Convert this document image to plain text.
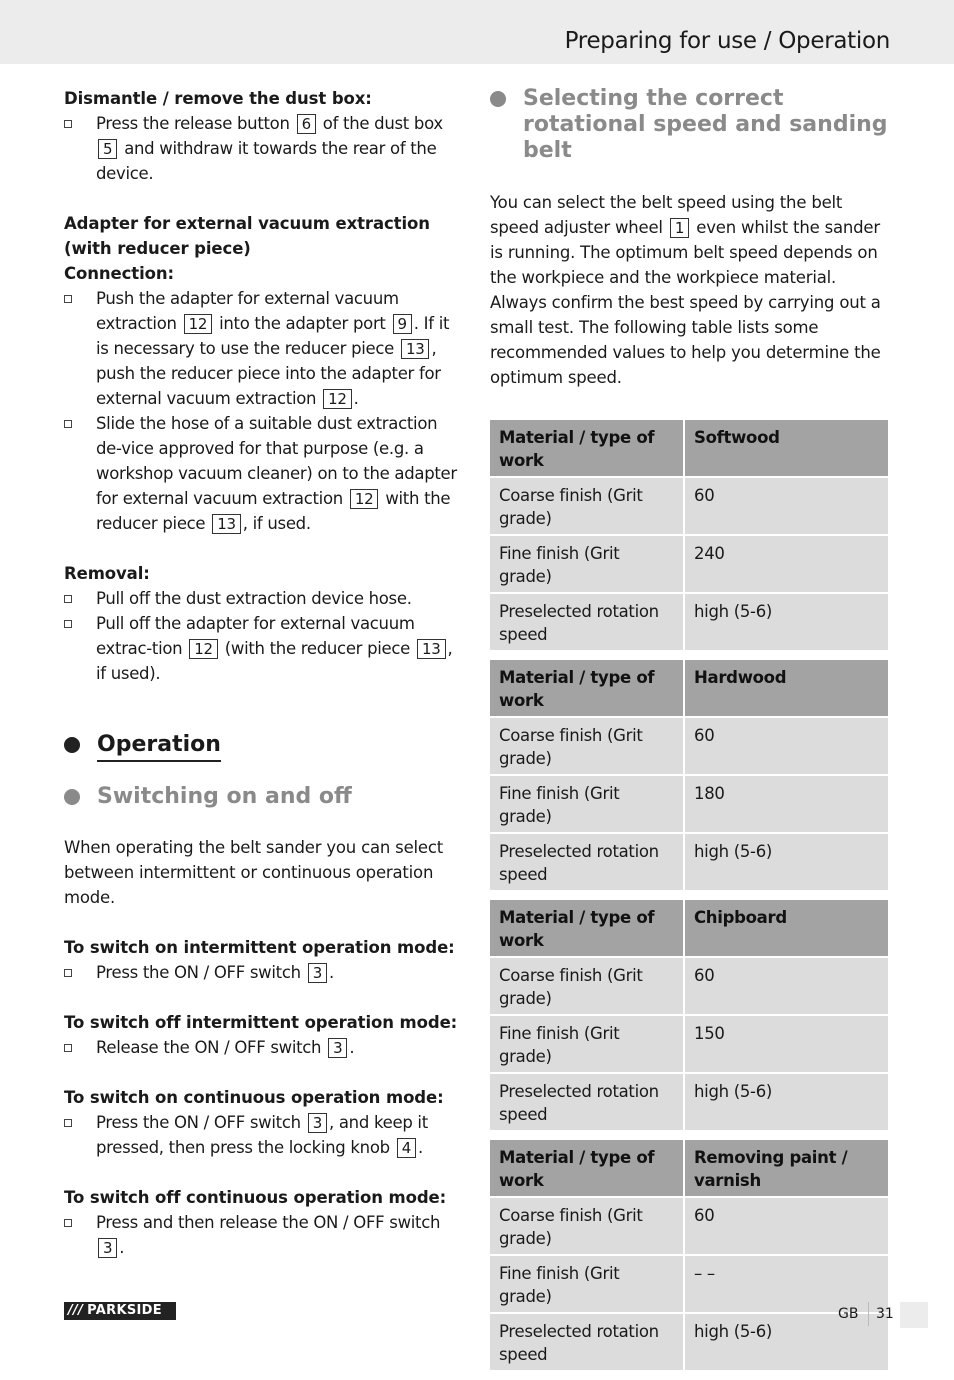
Preparing for use / Operation
Dismantle / remove the dust box:
Press the release button 6 of the dust box 5 and withdraw it towards the rear of the device.
Adapter for external vacuum extraction (with reducer piece)
Connection:
Push the adapter for external vacuum extraction 12 into the adapter port 9 . If it is necessary to use the reducer piece 13 , push the reducer piece into the adapter for external vacuum extraction 12 .
Slide the hose of a suitable dust extraction de-vice approved for that purpose (e.g. a workshop vacuum cleaner) on to the adapter for external vacuum extraction 12 with the reducer piece 13 , if used.
Removal:
Pull off the dust extraction device hose.
Pull off the adapter for external vacuum extrac-tion 12 (with the reducer piece 13 , if used).
Operation
Switching on and off
When operating the belt sander you can select between intermittent or continuous operation mode.
To switch on intermittent operation mode:
Press the ON / OFF switch 3 .
To switch off intermittent operation mode:
Release the ON / OFF switch 3 .
To switch on continuous operation mode:
Press the ON / OFF switch 3 , and keep it pressed, then press the locking knob 4 .
To switch off continuous operation mode:
Press and then release the ON / OFF switch 3 .
Selecting the correct rotational speed and sanding belt
You can select the belt speed using the belt speed adjuster wheel 1 even whilst the sander is running. The optimum belt speed depends on the workpiece and the workpiece material. Always confirm the best speed by carrying out a small test. The following table lists some recommended values to help you determine the optimum speed.
Material / type of work	Softwood
Coarse finish (Grit grade)	60
Fine finish (Grit grade)	240
Preselected rotation speed	high (5-6)
Material / type of work	Hardwood
Coarse finish (Grit grade)	60
Fine finish (Grit grade)	180
Preselected rotation speed	high (5-6)
Material / type of work	Chipboard
Coarse finish (Grit grade)	60
Fine finish (Grit grade)	150
Preselected rotation speed	high (5-6)
Material / type of work	Removing paint / varnish
Coarse finish (Grit grade)	60
Fine finish (Grit grade)	– –
Preselected rotation speed	high (5-6)
/// PARKSIDE	GB 31
